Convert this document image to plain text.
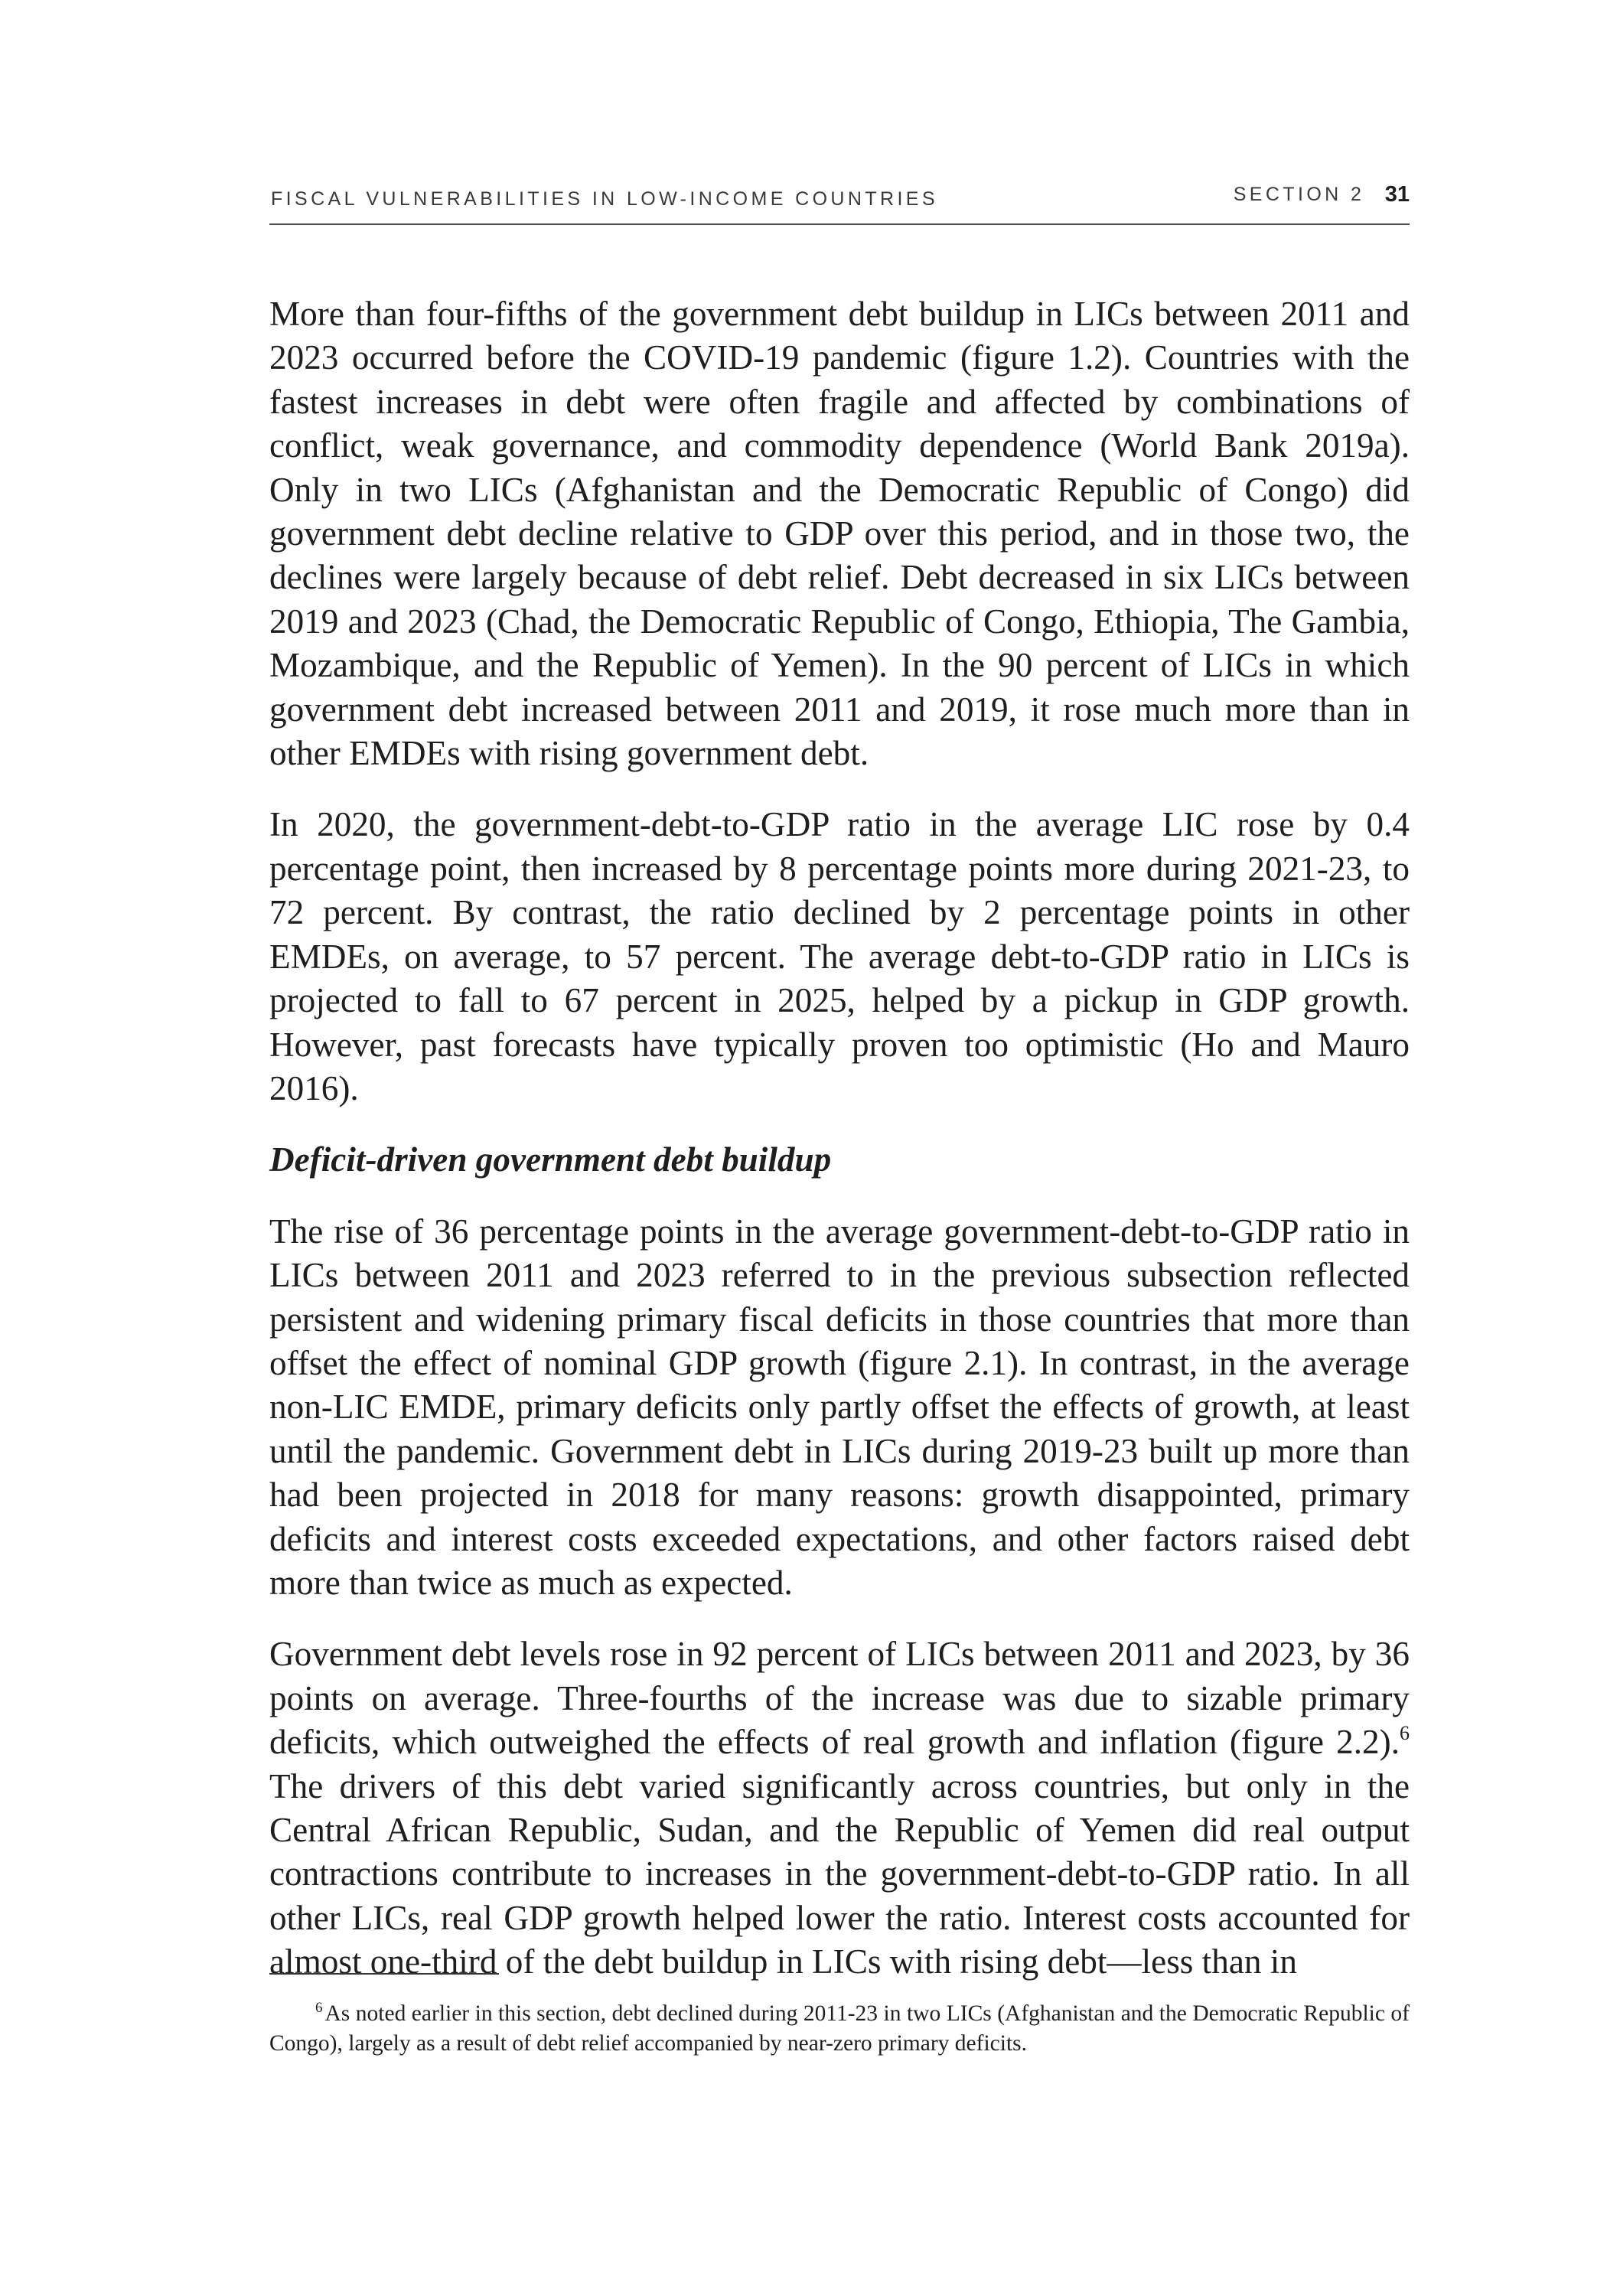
FISCAL VULNERABILITIES IN LOW-INCOME COUNTRIES	SECTION 2 31

More than four-fifths of the government debt buildup in LICs between 2011 and 2023 occurred before the COVID-19 pandemic (figure 1.2). Countries with the fastest increases in debt were often fragile and affected by combinations of conflict, weak governance, and commodity dependence (World Bank 2019a). Only in two LICs (Afghanistan and the Democratic Republic of Congo) did government debt decline relative to GDP over this period, and in those two, the declines were largely because of debt relief. Debt decreased in six LICs between 2019 and 2023 (Chad, the Democratic Republic of Congo, Ethiopia, The Gambia, Mozambique, and the Republic of Yemen). In the 90 percent of LICs in which government debt increased between 2011 and 2019, it rose much more than in other EMDEs with rising government debt.

In 2020, the government-debt-to-GDP ratio in the average LIC rose by 0.4 percentage point, then increased by 8 percentage points more during 2021-23, to 72 percent. By contrast, the ratio declined by 2 percentage points in other EMDEs, on average, to 57 percent. The average debt-to-GDP ratio in LICs is projected to fall to 67 percent in 2025, helped by a pickup in GDP growth. However, past forecasts have typically proven too optimistic (Ho and Mauro 2016).

Deficit-driven government debt buildup

The rise of 36 percentage points in the average government-debt-to-GDP ratio in LICs between 2011 and 2023 referred to in the previous subsection reflected persistent and widening primary fiscal deficits in those countries that more than offset the effect of nominal GDP growth (figure 2.1). In contrast, in the average non-LIC EMDE, primary deficits only partly offset the effects of growth, at least until the pandemic. Government debt in LICs during 2019-23 built up more than had been projected in 2018 for many reasons: growth disappointed, primary deficits and interest costs exceeded expectations, and other factors raised debt more than twice as much as expected.

Government debt levels rose in 92 percent of LICs between 2011 and 2023, by 36 points on average. Three-fourths of the increase was due to sizable primary deficits, which outweighed the effects of real growth and inflation (figure 2.2).$^6$ The drivers of this debt varied significantly across countries, but only in the Central African Republic, Sudan, and the Republic of Yemen did real output contractions contribute to increases in the government-debt-to-GDP ratio. In all other LICs, real GDP growth helped lower the ratio. Interest costs accounted for almost one-third of the debt buildup in LICs with rising debt—less than in

$^6$ As noted earlier in this section, debt declined during 2011-23 in two LICs (Afghanistan and the Democratic Republic of Congo), largely as a result of debt relief accompanied by near-zero primary deficits.
